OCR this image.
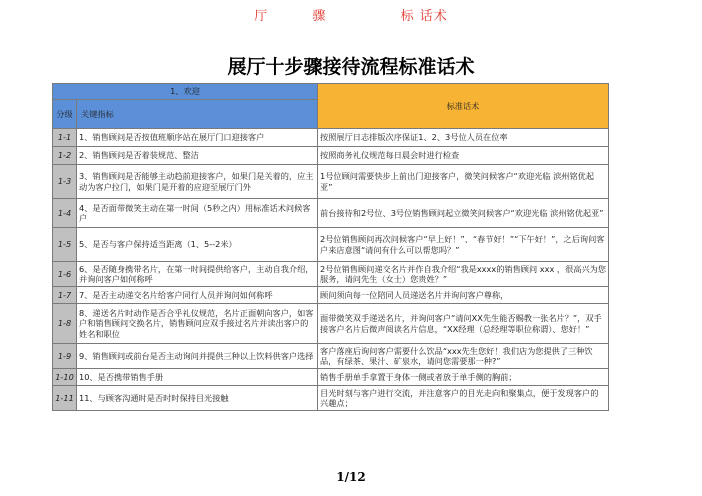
厅	骤	标 话术
展厅十步骤接待流程标准话术
1、欢迎		标准话术
分级	关键指标	
1-1	1、销售顾问是否按值班顺序站在展厅门口迎接客户	按照展厅日志排版次序保证1、2、3号位人员在位率
1-2	2、销售顾问是否着装规范、整洁	按照商务礼仪规范每日晨会时进行检查
1-3	3、销售顾问是否能够主动趋前迎接客户，如果门是关着的，应主动为客户拉门，如果门是开着的应迎至展厅门外	1号位顾问需要快步上前出门迎接客户，微笑问候客户“欢迎光临 滨州铭优起亚”
1-4	4、是否面带微笑主动在第一时间（5秒之内）用标准话术问候客户	前台接待和2号位、3号位销售顾问起立微笑问候客户“欢迎光临 滨州铭优起亚”
1-5	5、是否与客户保持适当距离（1、5--2米）	2号位销售顾问再次问候客户“早上好！”、“春节好！”“下午好！”，之后询问客户来店意图“请问有什么可以帮您吗？”
1-6	6、是否随身携带名片，在第一时间提供给客户，主动自我介绍，并询问客户如何称呼	2号位销售顾问递交名片并作自我介绍“我是xxxx的销售顾问 xxx ，很高兴为您服务，请问先生（女士）您贵姓？”
1-7	7、是否主动递交名片给客户同行人员并询问如何称呼	顾问须向每一位陪同人员递送名片并询问客户尊称，
1-8	8、递送名片时动作是否合乎礼仪规范，名片正面朝向客户，如客户和销售顾问交换名片，销售顾问应双手接过名片并读出客户的姓名和职位	面带微笑双手递送名片，并询问客户“请问XX先生能否赐教一张名片？”，双手接客户名片后微声阅读名片信息，“XX经理（总经理等职位称谓）、您好！”
1-9	9、销售顾问或前台是否主动询问并提供三种以上饮料供客户选择	客户落座后询问客户需要什么饮品“xxx先生您好！我们店为您提供了三种饮品，有绿茶、果汁、矿泉水，请问您需要那一种?”
1-10	10、是否携带销售手册	销售手册单手拿置于身体一侧或者放于单手侧的胸前；
1-11	11、与顾客沟通时是否时时保持目光接触	目光时刻与客户进行交流，并注意客户的目光走向和聚集点，便于发现客户的兴趣点；
1/12
